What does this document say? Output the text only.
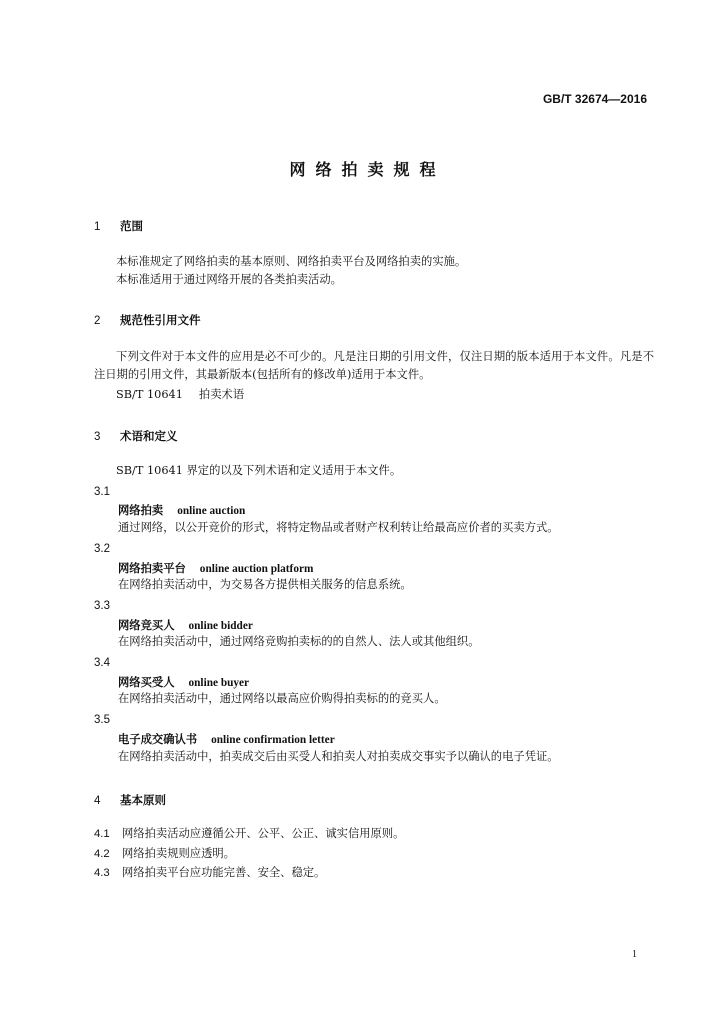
GB/T 32674—2016
网络拍卖规程
1 范围
本标准规定了网络拍卖的基本原则、网络拍卖平台及网络拍卖的实施。
本标准适用于通过网络开展的各类拍卖活动。
2 规范性引用文件
下列文件对于本文件的应用是必不可少的。凡是注日期的引用文件，仅注日期的版本适用于本文件。凡是不注日期的引用文件，其最新版本(包括所有的修改单)适用于本文件。
SB/T 10641 拍卖术语
3 术语和定义
SB/T 10641 界定的以及下列术语和定义适用于本文件。
3.1
网络拍卖 online auction
通过网络，以公开竞价的形式，将特定物品或者财产权利转让给最高应价者的买卖方式。
3.2
网络拍卖平台 online auction platform
在网络拍卖活动中，为交易各方提供相关服务的信息系统。
3.3
网络竞买人 online bidder
在网络拍卖活动中，通过网络竞购拍卖标的的自然人、法人或其他组织。
3.4
网络买受人 online buyer
在网络拍卖活动中，通过网络以最高应价购得拍卖标的的竞买人。
3.5
电子成交确认书 online confirmation letter
在网络拍卖活动中，拍卖成交后由买受人和拍卖人对拍卖成交事实予以确认的电子凭证。
4 基本原则
4.1 网络拍卖活动应遵循公开、公平、公正、诚实信用原则。
4.2 网络拍卖规则应透明。
4.3 网络拍卖平台应功能完善、安全、稳定。
1
